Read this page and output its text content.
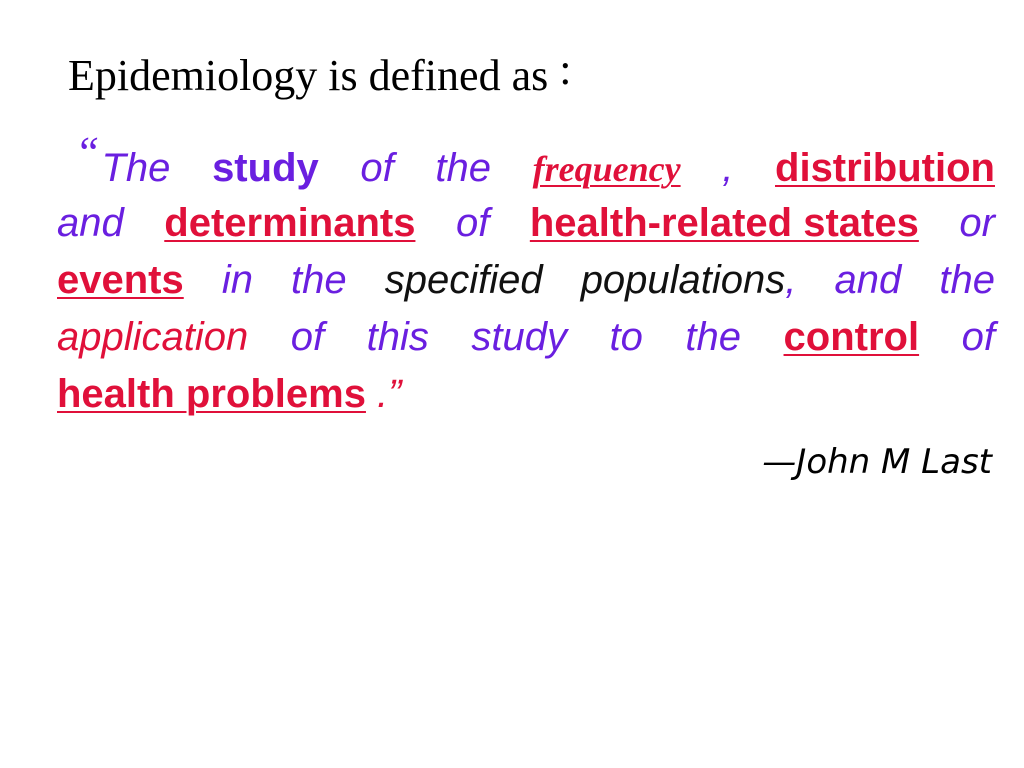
Epidemiology is defined as :
“The study of the frequency , distribution
and determinants of health-related states or
events in the specified populations, and the
application of this study to the control of
health problems .”
—John M Last
